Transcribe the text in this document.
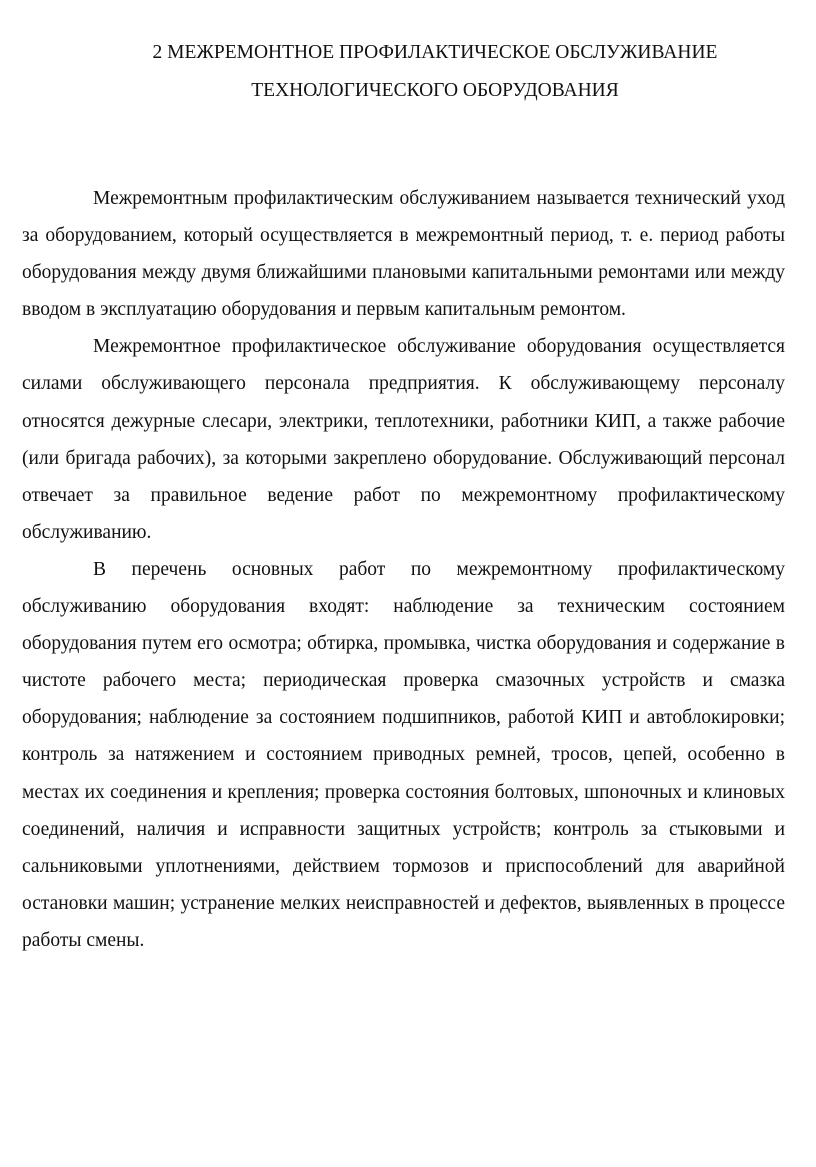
2 МЕЖРЕМОНТНОЕ ПРОФИЛАКТИЧЕСКОЕ ОБСЛУЖИВАНИЕ
ТЕХНОЛОГИЧЕСКОГО ОБОРУДОВАНИЯ

Межремонтным профилактическим обслуживанием называется технический уход за оборудованием, который осуществляется в межремонтный период, т. е. период работы оборудования между двумя ближайшими плановыми капитальными ремонтами или между вводом в эксплуатацию оборудования и первым капитальным ремонтом.

Межремонтное профилактическое обслуживание оборудования осуществляется силами обслуживающего персонала предприятия. К обслуживающему персоналу относятся дежурные слесари, электрики, теплотехники, работники КИП, а также рабочие (или бригада рабочих), за которыми закреплено оборудование. Обслуживающий персонал отвечает за правильное ведение работ по межремонтному профилактическому обслуживанию.

В перечень основных работ по межремонтному профилактическому обслуживанию оборудования входят: наблюдение за техническим состоянием оборудования путем его осмотра; обтирка, промывка, чистка оборудования и содержание в чистоте рабочего места; периодическая проверка смазочных устройств и смазка оборудования; наблюдение за состоянием подшипников, работой КИП и автоблокировки; контроль за натяжением и состоянием приводных ремней, тросов, цепей, особенно в местах их соединения и крепления; проверка состояния болтовых, шпоночных и клиновых соединений, наличия и исправности защитных устройств; контроль за стыковыми и сальниковыми уплотнениями, действием тормозов и приспособлений для аварийной остановки машин; устранение мелких неисправностей и дефектов, выявленных в процессе работы смены.
